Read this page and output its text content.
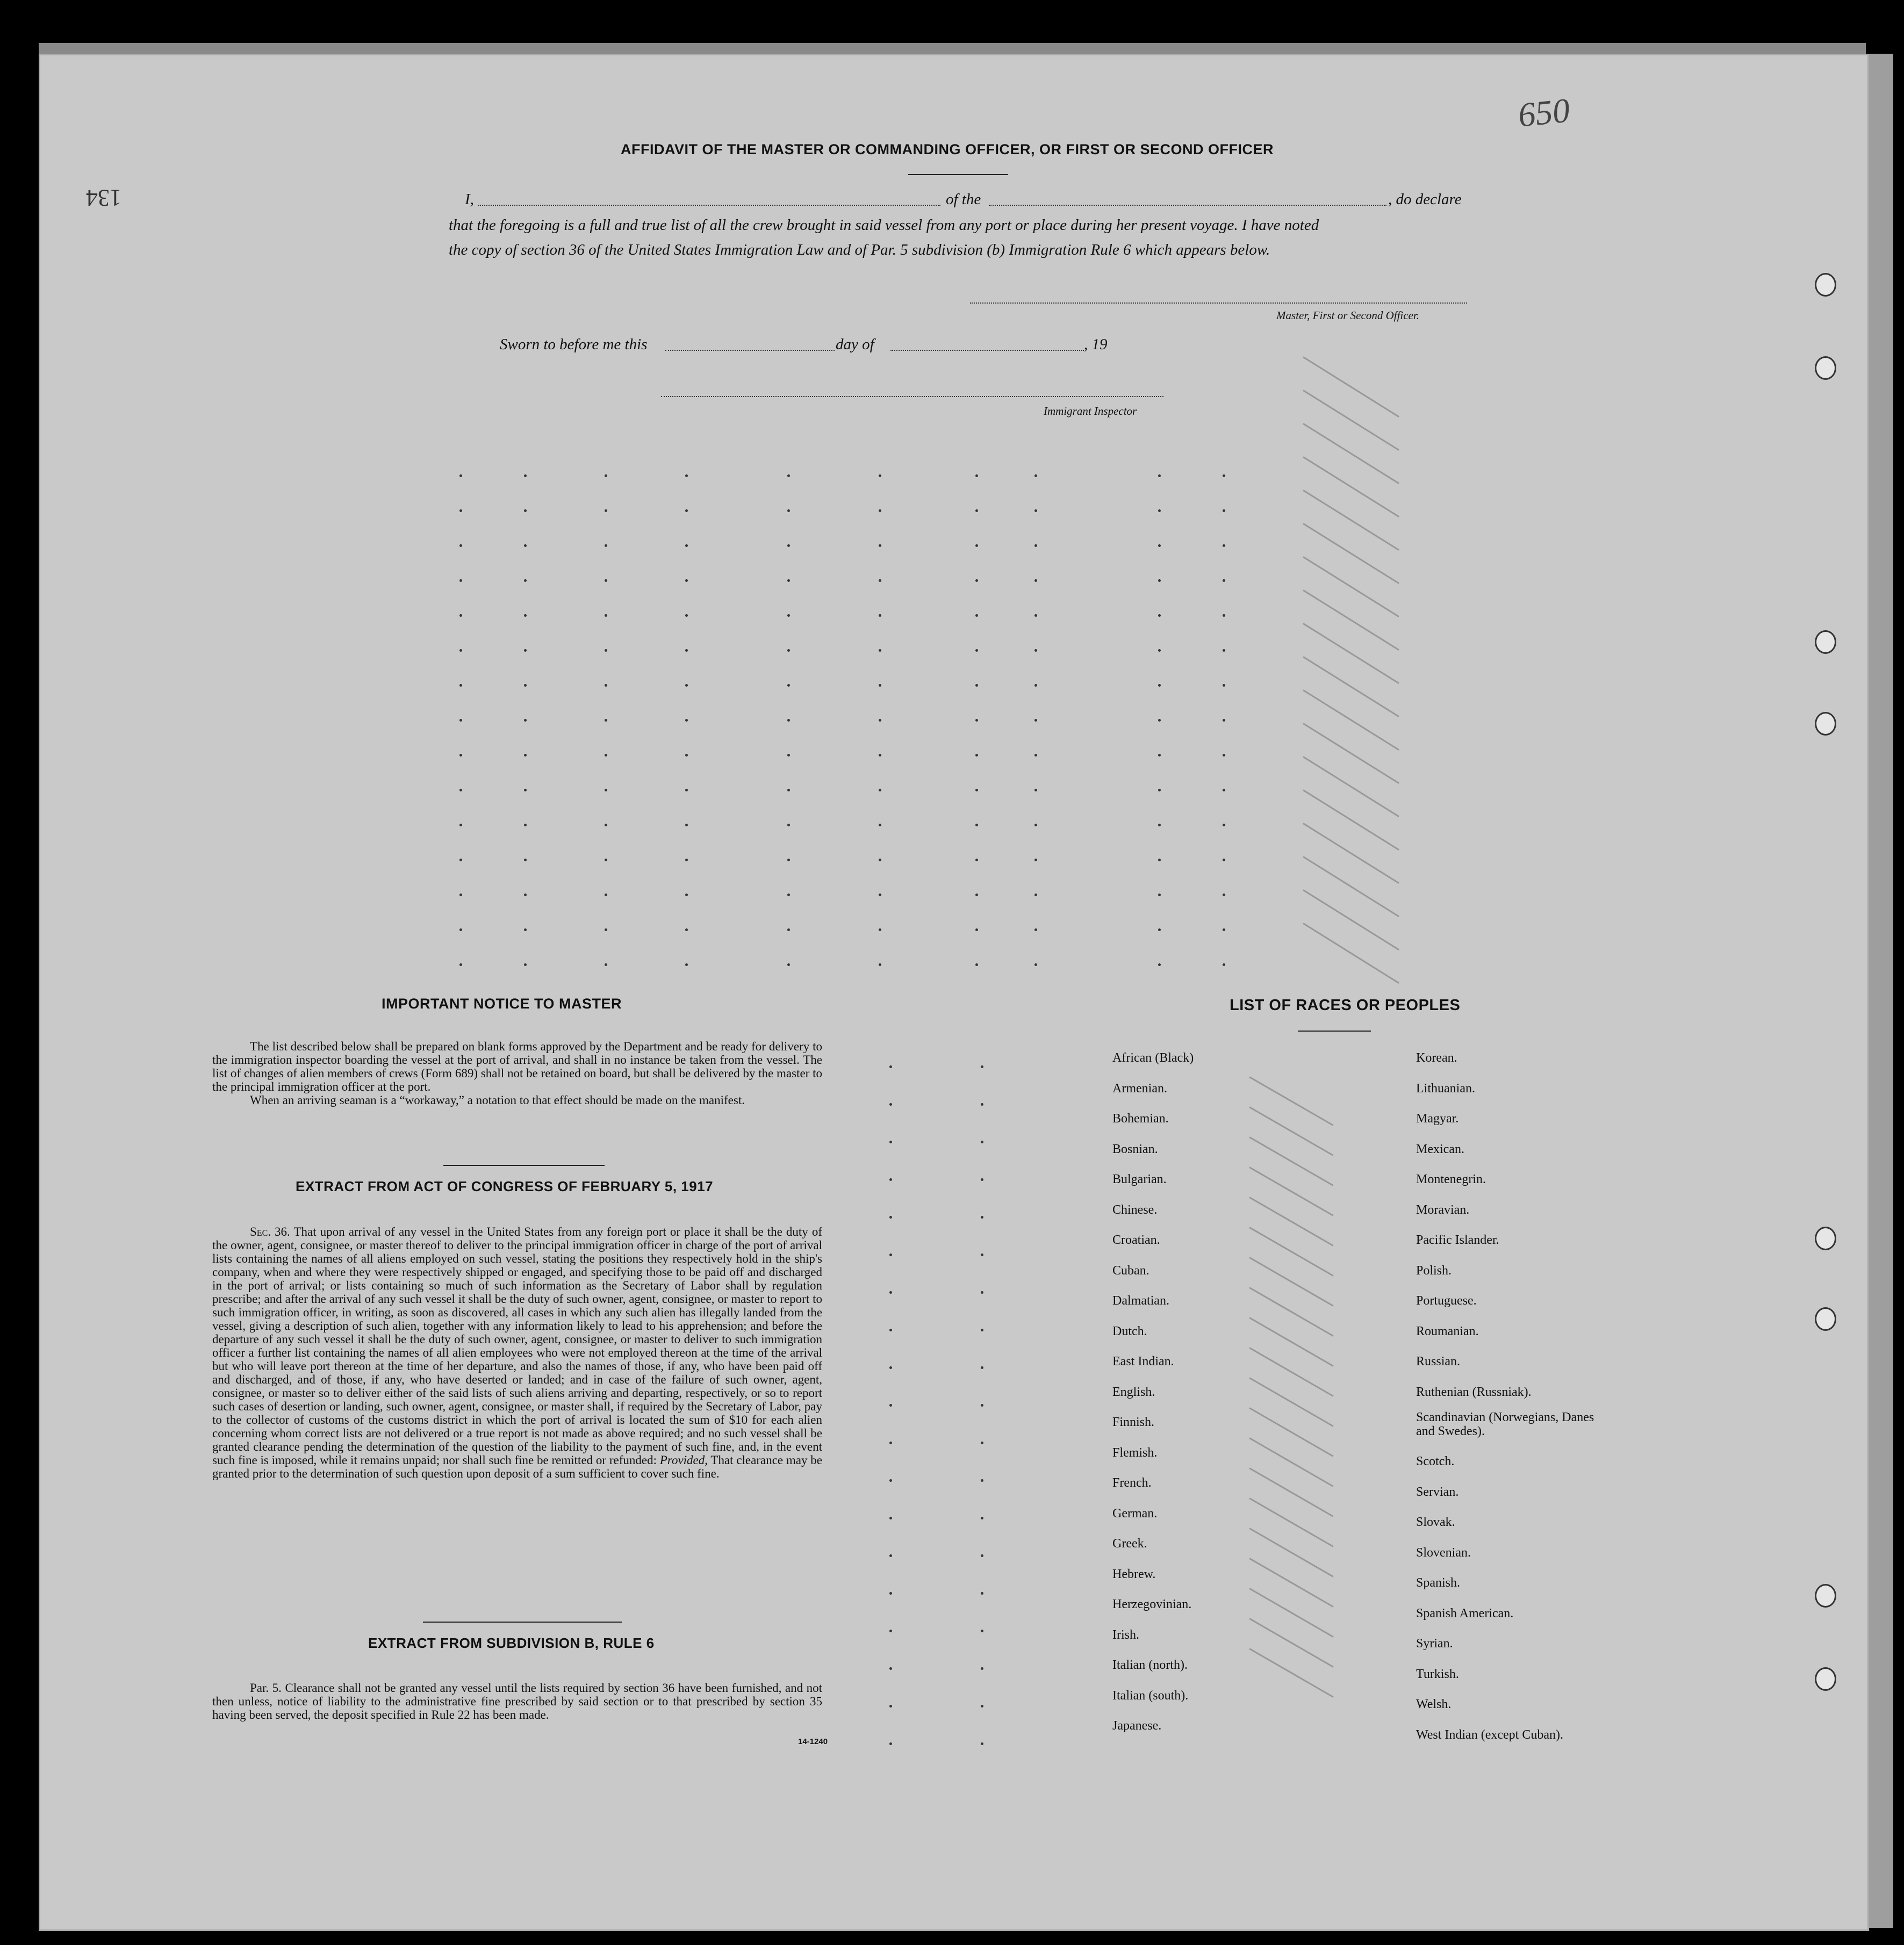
650
134
AFFIDAVIT OF THE MASTER OR COMMANDING OFFICER, OR FIRST OR SECOND OFFICER
I,	of the	, do declare
that the foregoing is a full and true list of all the crew brought in said vessel from any port or place during her present voyage. I have noted
the copy of section 36 of the United States Immigration Law and of Par. 5 subdivision (b) Immigration Rule 6 which appears below.
Master, First or Second Officer.
Sworn to before me this	day of	, 19
Immigrant Inspector
IMPORTANT NOTICE TO MASTER

The list described below shall be prepared on blank forms approved by the Department and be ready for delivery to the immigration inspector boarding the vessel at the port of arrival, and shall in no instance be taken from the vessel. The list of changes of alien members of crews (Form 689) shall not be retained on board, but shall be delivered by the master to the principal immigration officer at the port.

When an arriving seaman is a “workaway,” a notation to that effect should be made on the manifest.

EXTRACT FROM ACT OF CONGRESS OF FEBRUARY 5, 1917

Sec. 36. That upon arrival of any vessel in the United States from any foreign port or place it shall be the duty of the owner, agent, consignee, or master thereof to deliver to the principal immigration officer in charge of the port of arrival lists containing the names of all aliens employed on such vessel, stating the positions they respectively hold in the ship's company, when and where they were respectively shipped or engaged, and specifying those to be paid off and discharged in the port of arrival; or lists containing so much of such information as the Secretary of Labor shall by regulation prescribe; and after the arrival of any such vessel it shall be the duty of such owner, agent, consignee, or master to report to such immigration officer, in writing, as soon as discovered, all cases in which any such alien has illegally landed from the vessel, giving a description of such alien, together with any information likely to lead to his apprehension; and before the departure of any such vessel it shall be the duty of such owner, agent, consignee, or master to deliver to such immigration officer a further list containing the names of all alien employees who were not employed thereon at the time of the arrival but who will leave port thereon at the time of her departure, and also the names of those, if any, who have been paid off and discharged, and of those, if any, who have deserted or landed; and in case of the failure of such owner, agent, consignee, or master so to deliver either of the said lists of such aliens arriving and departing, respectively, or so to report such cases of desertion or landing, such owner, agent, consignee, or master shall, if required by the Secretary of Labor, pay to the collector of customs of the customs district in which the port of arrival is located the sum of $10 for each alien concerning whom correct lists are not delivered or a true report is not made as above required; and no such vessel shall be granted clearance pending the determination of the question of the liability to the payment of such fine, and, in the event such fine is imposed, while it remains unpaid; nor shall such fine be remitted or refunded: Provided, That clearance may be granted prior to the determination of such question upon deposit of a sum sufficient to cover such fine.

EXTRACT FROM SUBDIVISION B, RULE 6

Par. 5. Clearance shall not be granted any vessel until the lists required by section 36 have been furnished, and not then unless, notice of liability to the administrative fine prescribed by said section or to that prescribed by section 35 having been served, the deposit specified in Rule 22 has been made.

14-1240
LIST OF RACES OR PEOPLES
African (Black)
Armenian.
Bohemian.
Bosnian.
Bulgarian.
Chinese.
Croatian.
Cuban.
Dalmatian.
Dutch.
East Indian.
English.
Finnish.
Flemish.
French.
German.
Greek.
Hebrew.
Herzegovinian.
Irish.
Italian (north).
Italian (south).
Japanese.
Korean.
Lithuanian.
Magyar.
Mexican.
Montenegrin.
Moravian.
Pacific Islander.
Polish.
Portuguese.
Roumanian.
Russian.
Ruthenian (Russniak).
Scandinavian (Norwegians, Danes and Swedes).
Scotch.
Servian.
Slovak.
Slovenian.
Spanish.
Spanish American.
Syrian.
Turkish.
Welsh.
West Indian (except Cuban).
